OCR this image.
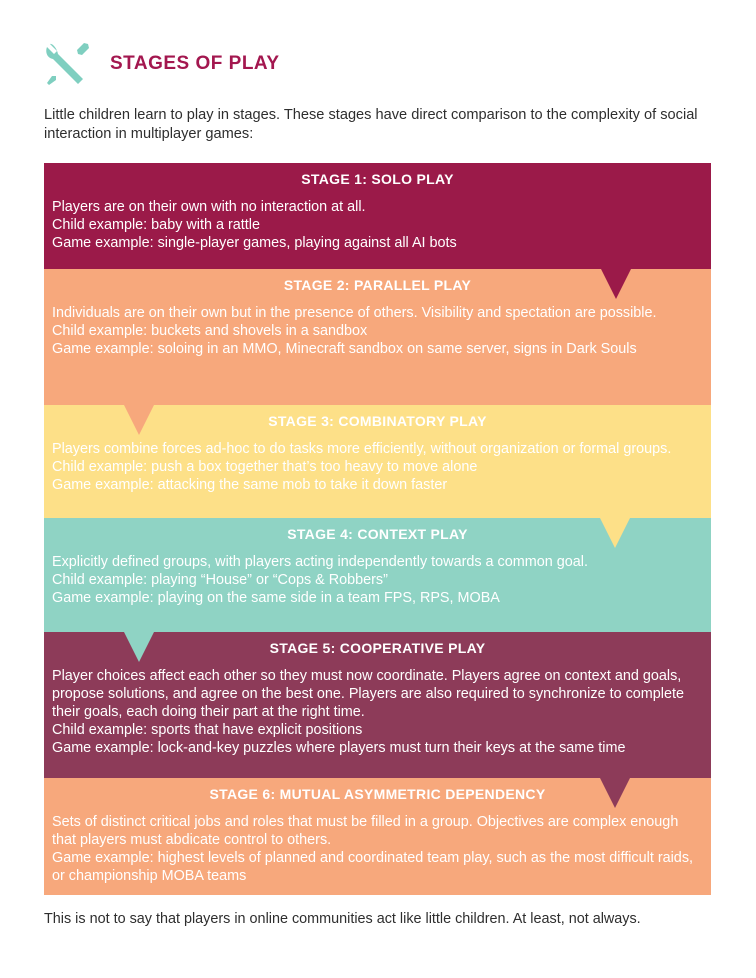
STAGES OF PLAY
Little children learn to play in stages. These stages have direct comparison to the complexity of social interaction in multiplayer games:
STAGE 1: SOLO PLAY
Players are on their own with no interaction at all.
Child example: baby with a rattle
Game example: single-player games, playing against all AI bots
STAGE 2: PARALLEL PLAY
Individuals are on their own but in the presence of others. Visibility and spectation are possible.
Child example: buckets and shovels in a sandbox
Game example: soloing in an MMO, Minecraft sandbox on same server, signs in Dark Souls
STAGE 3: COMBINATORY PLAY
Players combine forces ad-hoc to do tasks more efficiently, without organization or formal groups.
Child example: push a box together that’s too heavy to move alone
Game example: attacking the same mob to take it down faster
STAGE 4: CONTEXT PLAY
Explicitly defined groups, with players acting independently towards a common goal.
Child example: playing “House” or “Cops & Robbers”
Game example: playing on the same side in a team FPS, RPS, MOBA
STAGE 5: COOPERATIVE PLAY
Player choices affect each other so they must now coordinate. Players agree on context and goals, propose solutions, and agree on the best one. Players are also required to synchronize to complete their goals, each doing their part at the right time.
Child example: sports that have explicit positions
Game example: lock-and-key puzzles where players must turn their keys at the same time
STAGE 6: MUTUAL ASYMMETRIC DEPENDENCY
Sets of distinct critical jobs and roles that must be filled in a group. Objectives are complex enough that players must abdicate control to others.
Game example: highest levels of planned and coordinated team play, such as the most difficult raids, or championship MOBA teams
This is not to say that players in online communities act like little children. At least, not always.
